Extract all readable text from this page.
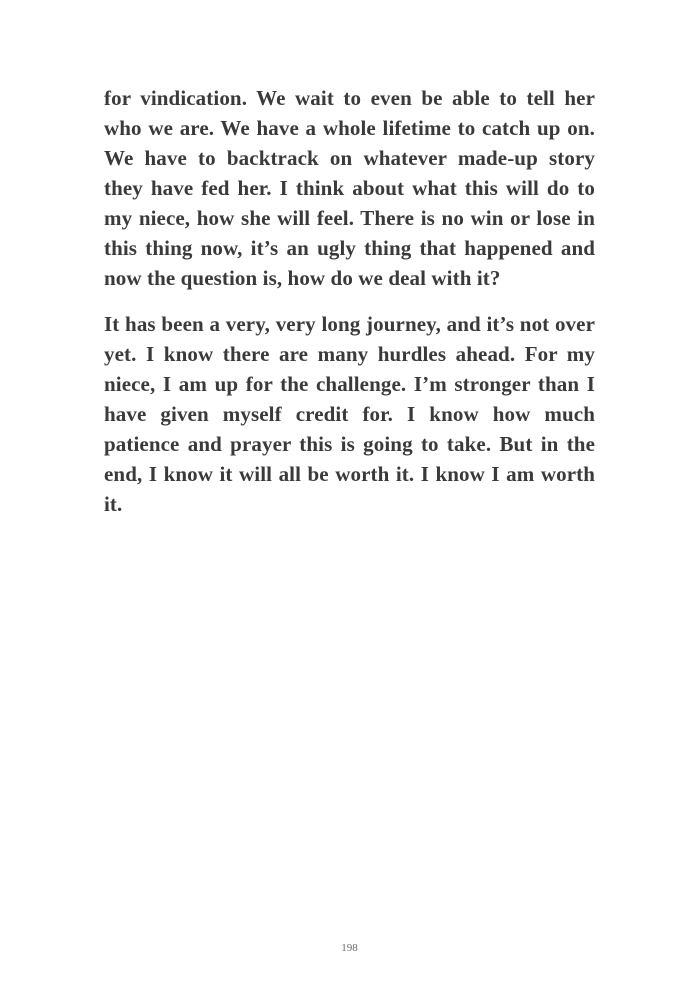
for vindication. We wait to even be able to tell her who we are. We have a whole lifetime to catch up on. We have to backtrack on whatever made-up story they have fed her. I think about what this will do to my niece, how she will feel. There is no win or lose in this thing now, it’s an ugly thing that happened and now the question is, how do we deal with it?

It has been a very, very long journey, and it’s not over yet. I know there are many hurdles ahead. For my niece, I am up for the challenge. I’m stronger than I have given myself credit for. I know how much patience and prayer this is going to take. But in the end, I know it will all be worth it. I know I am worth it.

198
